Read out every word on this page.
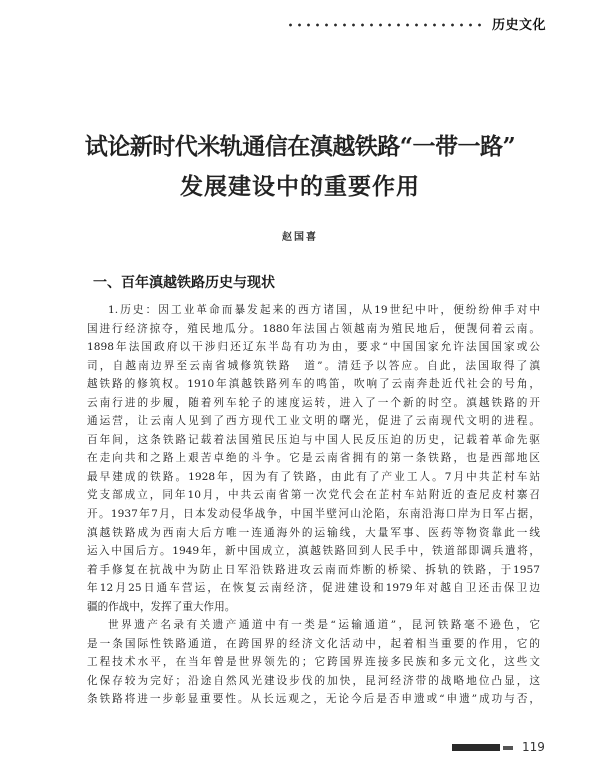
历史文化
试论新时代米轨通信在滇越铁路“一带一路”
发展建设中的重要作用
赵国喜
一、百年滇越铁路历史与现状
1.历史：因工业革命而暴发起来的西方诸国，从19世纪中叶，便纷纷伸手对中
国进行经济掠夺，殖民地瓜分。1880年法国占领越南为殖民地后，便觊伺着云南。
1898年法国政府以干涉归还辽东半岛有功为由，要求“中国国家允许法国国家或公
司，自越南边界至云南省城修筑铁路　道”。清廷予以答应。自此，法国取得了滇
越铁路的修筑权。1910年滇越铁路列车的鸣笛，吹响了云南奔赴近代社会的号角，
云南行进的步履，随着列车轮子的速度运转，进入了一个新的时空。滇越铁路的开
通运营，让云南人见到了西方现代工业文明的曙光，促进了云南现代文明的进程。
百年间，这条铁路记载着法国殖民压迫与中国人民反压迫的历史，记载着革命先驱
在走向共和之路上艰苦卓绝的斗争。它是云南省拥有的第一条铁路，也是西部地区
最早建成的铁路。1928年，因为有了铁路，由此有了产业工人。7月中共芷村车站
党支部成立，同年10月，中共云南省第一次党代会在芷村车站附近的查尼皮村寨召
开。1937年7月，日本发动侵华战争，中国半壁河山沦陷，东南沿海口岸为日军占据，
滇越铁路成为西南大后方唯一连通海外的运输线，大量军事、医药等物资靠此一线
运入中国后方。1949年，新中国成立，滇越铁路回到人民手中，铁道部即调兵遣将，
着手修复在抗战中为防止日军沿铁路进攻云南而炸断的桥梁、拆轨的铁路，于1957
年12月25日通车营运，在恢复云南经济，促进建设和1979年对越自卫还击保卫边
疆的作战中，发挥了重大作用。
世界遗产名录有关遗产通道中有一类是“运输通道”，昆河铁路毫不逊色，它
是一条国际性铁路通道，在跨国界的经济文化活动中，起着相当重要的作用，它的
工程技术水平，在当年曾是世界领先的；它跨国界连接多民族和多元文化，这些文
化保存较为完好；沿途自然风光建设步伐的加快，昆河经济带的战略地位凸显，这
条铁路将进一步彰显重要性。从长远观之，无论今后是否申遗或“申遗”成功与否，
119
